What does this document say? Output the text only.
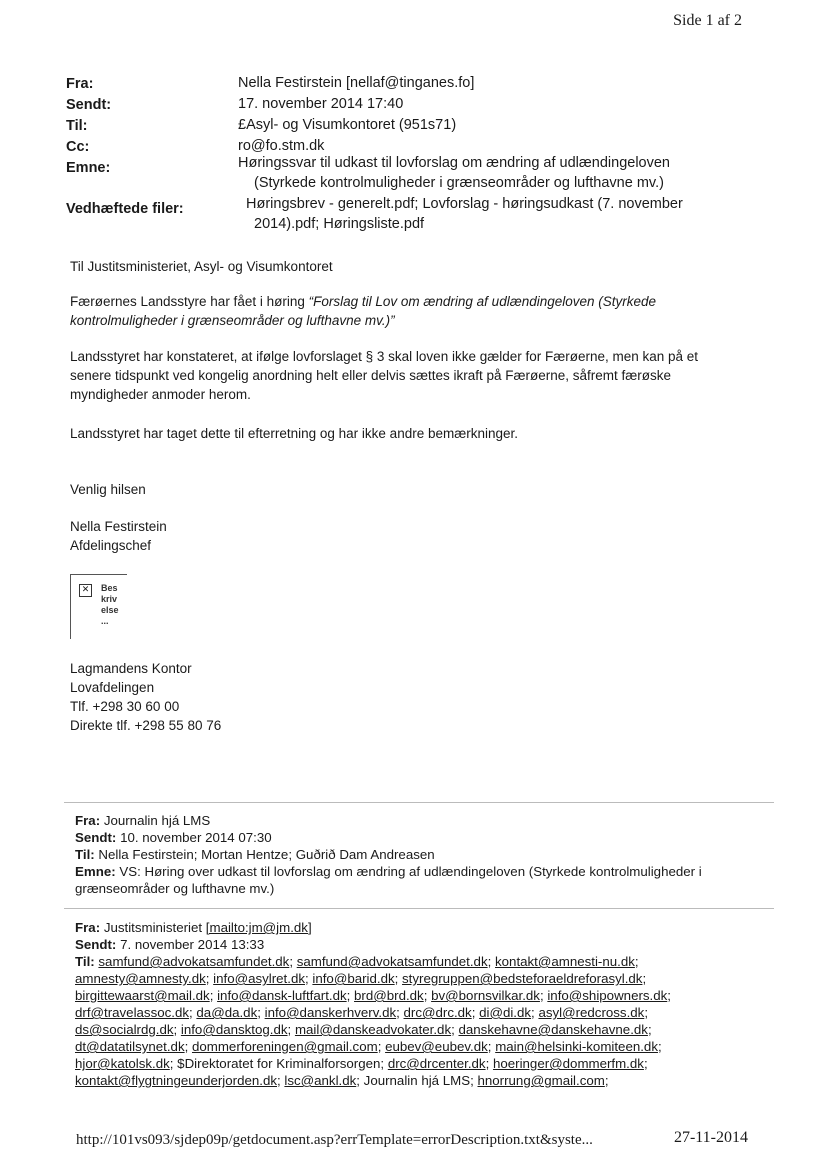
Side 1 af 2
Fra:	Nella Festirstein [nellaf@tinganes.fo]
Sendt:	17. november 2014 17:40
Til:	£Asyl- og Visumkontoret (951s71)
Cc:	ro@fo.stm.dk
Emne:	Høringssvar til udkast til lovforslag om ændring af udlændingeloven
(Styrkede kontrolmuligheder i grænseområder og lufthavne mv.)
Vedhæftede filer:	Høringsbrev - generelt.pdf; Lovforslag - høringsudkast (7. november
2014).pdf; Høringsliste.pdf
Til Justitsministeriet, Asyl- og Visumkontoret
Færøernes Landsstyre har fået i høring “Forslag til Lov om ændring af udlændingeloven (Styrkede
kontrolmuligheder i grænseområder og lufthavne mv.)”
Landsstyret har konstateret, at ifølge lovforslaget § 3 skal loven ikke gælder for Færøerne, men kan på et
senere tidspunkt ved kongelig anordning helt eller delvis sættes ikraft på Færøerne, såfremt færøske
myndigheder anmoder herom.
Landsstyret har taget dette til efterretning og har ikke andre bemærkninger.
Venlig hilsen
Nella Festirstein
Afdelingschef
✕	Bes
kriv
else
...
Lagmandens Kontor
Lovafdelingen
Tlf. +298 30 60 00
Direkte tlf. +298 55 80 76
Fra: Journalin hjá LMS
Sendt: 10. november 2014 07:30
Til: Nella Festirstein; Mortan Hentze; Guðrið Dam Andreasen
Emne: VS: Høring over udkast til lovforslag om ændring af udlændingeloven (Styrkede kontrolmuligheder i
grænseområder og lufthavne mv.)
Fra: Justitsministeriet [mailto:jm@jm.dk]
Sendt: 7. november 2014 13:33
Til: samfund@advokatsamfundet.dk; samfund@advokatsamfundet.dk; kontakt@amnesti-nu.dk;
amnesty@amnesty.dk; info@asylret.dk; info@barid.dk; styregruppen@bedsteforaeldreforasyl.dk;
birgittewaarst@mail.dk; info@dansk-luftfart.dk; brd@brd.dk; bv@bornsvilkar.dk; info@shipowners.dk;
drf@travelassoc.dk; da@da.dk; info@danskerhverv.dk; drc@drc.dk; di@di.dk; asyl@redcross.dk;
ds@socialrdg.dk; info@dansktog.dk; mail@danskeadvokater.dk; danskehavne@danskehavne.dk;
dt@datatilsynet.dk; dommerforeningen@gmail.com; eubev@eubev.dk; main@helsinki-komiteen.dk;
hjor@katolsk.dk; $Direktoratet for Kriminalforsorgen; drc@drcenter.dk; hoeringer@dommerfm.dk;
kontakt@flygtningeunderjorden.dk; lsc@ankl.dk; Journalin hjá LMS; hnorrung@gmail.com;
http://101vs093/sjdep09p/getdocument.asp?errTemplate=errorDescription.txt&syste...	27-11-2014
